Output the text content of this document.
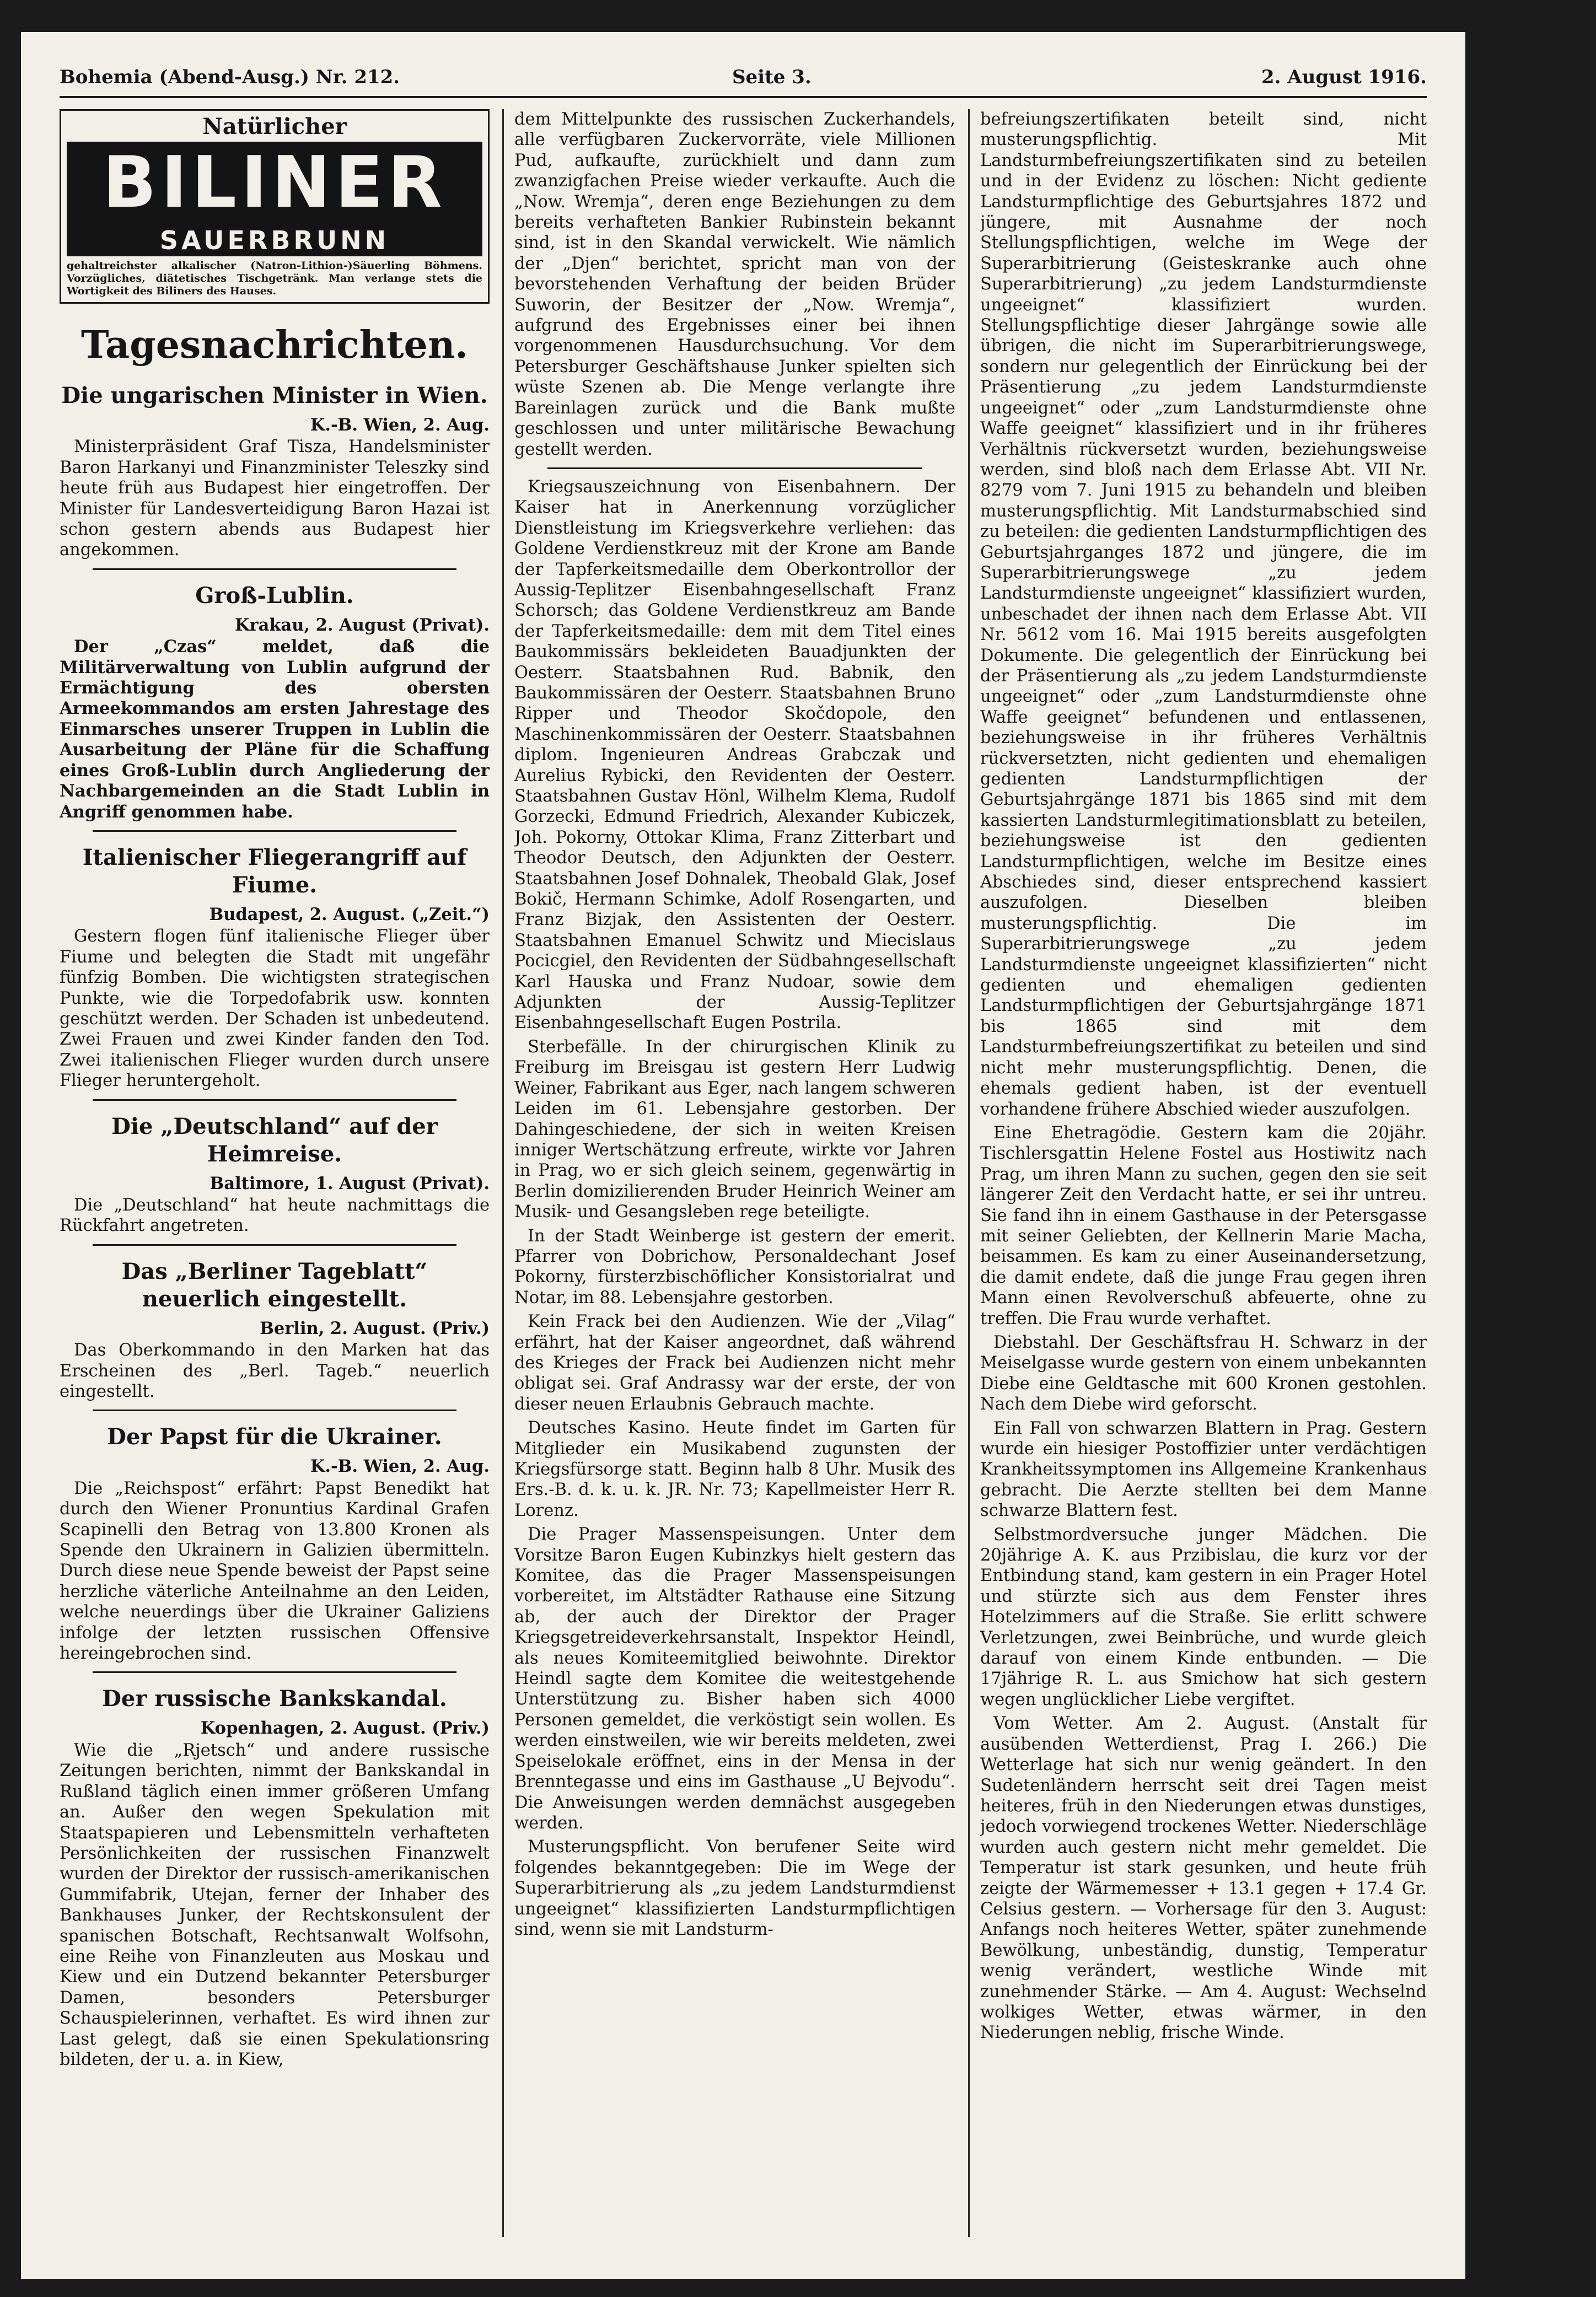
Bohemia (Abend-Ausg.) Nr. 212.	Seite 3.	2. August 1916.
Natürlicher
BILINER
SAUERBRUNN
gehaltreichster alkalischer (Natron-Lithion-)Säuerling Böhmens. Vorzügliches, diätetisches Tischgetränk. Man verlange stets die Wortigkeit des Biliners des Hauses.
Tagesnachrichten.
Die ungarischen Minister in Wien.
K.-B. Wien, 2. Aug.

Ministerpräsident Graf Tisza, Handelsminister Baron Harkanyi und Finanzminister Teleszky sind heute früh aus Budapest hier eingetroffen. Der Minister für Landesverteidigung Baron Hazai ist schon gestern abends aus Budapest hier angekommen.

Groß-Lublin.
Krakau, 2. August (Privat).

Der „Czas“ meldet, daß die Militärverwaltung von Lublin aufgrund der Ermächtigung des obersten Armeekommandos am ersten Jahrestage des Einmarsches unserer Truppen in Lublin die Ausarbeitung der Pläne für die Schaffung eines Groß-Lublin durch Angliederung der Nachbargemeinden an die Stadt Lublin in Angriff genommen habe.

Italienischer Fliegerangriff auf Fiume.
Budapest, 2. August. („Zeit.“)

Gestern flogen fünf italienische Flieger über Fiume und belegten die Stadt mit ungefähr fünfzig Bomben. Die wichtigsten strategischen Punkte, wie die Torpedofabrik usw. konnten geschützt werden. Der Schaden ist unbedeutend. Zwei Frauen und zwei Kinder fanden den Tod. Zwei italienischen Flieger wurden durch unsere Flieger heruntergeholt.

Die „Deutschland“ auf der Heimreise.
Baltimore, 1. August (Privat).

Die „Deutschland“ hat heute nachmittags die Rückfahrt angetreten.

Das „Berliner Tageblatt“ neuerlich eingestellt.
Berlin, 2. August. (Priv.)

Das Oberkommando in den Marken hat das Erscheinen des „Berl. Tageb.“ neuerlich eingestellt.

Der Papst für die Ukrainer.
K.-B. Wien, 2. Aug.

Die „Reichspost“ erfährt: Papst Benedikt hat durch den Wiener Pronuntius Kardinal Grafen Scapinelli den Betrag von 13.800 Kronen als Spende den Ukrainern in Galizien übermitteln. Durch diese neue Spende beweist der Papst seine herzliche väterliche Anteilnahme an den Leiden, welche neuerdings über die Ukrainer Galiziens infolge der letzten russischen Offensive hereingebrochen sind.

Der russische Bankskandal.
Kopenhagen, 2. August. (Priv.)

Wie die „Rjetsch“ und andere russische Zeitungen berichten, nimmt der Bankskandal in Rußland täglich einen immer größeren Umfang an. Außer den wegen Spekulation mit Staatspapieren und Lebensmitteln verhafteten Persönlichkeiten der russischen Finanzwelt wurden der Direktor der russisch-amerikanischen Gummifabrik, Utejan, ferner der Inhaber des Bankhauses Junker, der Rechtskonsulent der spanischen Botschaft, Rechtsanwalt Wolfsohn, eine Reihe von Finanzleuten aus Moskau und Kiew und ein Dutzend bekannter Petersburger Damen, besonders Petersburger Schauspielerinnen, verhaftet. Es wird ihnen zur Last gelegt, daß sie einen Spekulationsring bildeten, der u. a. in Kiew,

dem Mittelpunkte des russischen Zuckerhandels, alle verfügbaren Zuckervorräte, viele Millionen Pud, aufkaufte, zurückhielt und dann zum zwanzigfachen Preise wieder verkaufte. Auch die „Now. Wremja“, deren enge Beziehungen zu dem bereits verhafteten Bankier Rubinstein bekannt sind, ist in den Skandal verwickelt. Wie nämlich der „Djen“ berichtet, spricht man von der bevorstehenden Verhaftung der beiden Brüder Suworin, der Besitzer der „Now. Wremja“, aufgrund des Ergebnisses einer bei ihnen vorgenommenen Hausdurchsuchung. Vor dem Petersburger Geschäftshause Junker spielten sich wüste Szenen ab. Die Menge verlangte ihre Bareinlagen zurück und die Bank mußte geschlossen und unter militärische Bewachung gestellt werden.

Kriegsauszeichnung von Eisenbahnern. Der Kaiser hat in Anerkennung vorzüglicher Dienstleistung im Kriegsverkehre verliehen: das Goldene Verdienstkreuz mit der Krone am Bande der Tapferkeitsmedaille dem Oberkontrollor der Aussig-Teplitzer Eisenbahngesellschaft Franz Schorsch; das Goldene Verdienstkreuz am Bande der Tapferkeitsmedaille: dem mit dem Titel eines Baukommissärs bekleideten Bauadjunkten der Oesterr. Staatsbahnen Rud. Babnik, den Baukommissären der Oesterr. Staatsbahnen Bruno Ripper und Theodor Skočdopole, den Maschinenkommissären der Oesterr. Staatsbahnen diplom. Ingenieuren Andreas Grabczak und Aurelius Rybicki, den Revidenten der Oesterr. Staatsbahnen Gustav Hönl, Wilhelm Klema, Rudolf Gorzecki, Edmund Friedrich, Alexander Kubiczek, Joh. Pokorny, Ottokar Klima, Franz Zitterbart und Theodor Deutsch, den Adjunkten der Oesterr. Staatsbahnen Josef Dohnalek, Theobald Glak, Josef Bokič, Hermann Schimke, Adolf Rosengarten, und Franz Bizjak, den Assistenten der Oesterr. Staatsbahnen Emanuel Schwitz und Miecislaus Pocicgiel, den Revidenten der Südbahngesellschaft Karl Hauska und Franz Nudoar, sowie dem Adjunkten der Aussig-Teplitzer Eisenbahngesellschaft Eugen Postrila.

Sterbefälle. In der chirurgischen Klinik zu Freiburg im Breisgau ist gestern Herr Ludwig Weiner, Fabrikant aus Eger, nach langem schweren Leiden im 61. Lebensjahre gestorben. Der Dahingeschiedene, der sich in weiten Kreisen inniger Wertschätzung erfreute, wirkte vor Jahren in Prag, wo er sich gleich seinem, gegenwärtig in Berlin domizilierenden Bruder Heinrich Weiner am Musik- und Gesangsleben rege beteiligte.

In der Stadt Weinberge ist gestern der emerit. Pfarrer von Dobrichow, Personaldechant Josef Pokorny, fürsterzbischöflicher Konsistorialrat und Notar, im 88. Lebensjahre gestorben.

Kein Frack bei den Audienzen. Wie der „Vilag“ erfährt, hat der Kaiser angeordnet, daß während des Krieges der Frack bei Audienzen nicht mehr obligat sei. Graf Andrassy war der erste, der von dieser neuen Erlaubnis Gebrauch machte.

Deutsches Kasino. Heute findet im Garten für Mitglieder ein Musikabend zugunsten der Kriegsfürsorge statt. Beginn halb 8 Uhr. Musik des Ers.-B. d. k. u. k. JR. Nr. 73; Kapellmeister Herr R. Lorenz.

Die Prager Massenspeisungen. Unter dem Vorsitze Baron Eugen Kubinzkys hielt gestern das Komitee, das die Prager Massenspeisungen vorbereitet, im Altstädter Rathause eine Sitzung ab, der auch der Direktor der Prager Kriegsgetreideverkehrsanstalt, Inspektor Heindl, als neues Komiteemitglied beiwohnte. Direktor Heindl sagte dem Komitee die weitestgehende Unterstützung zu. Bisher haben sich 4000 Personen gemeldet, die verköstigt sein wollen. Es werden einstweilen, wie wir bereits meldeten, zwei Speiselokale eröffnet, eins in der Mensa in der Brenntegasse und eins im Gasthause „U Bejvodu“. Die Anweisungen werden demnächst ausgegeben werden.

Musterungspflicht. Von berufener Seite wird folgendes bekanntgegeben: Die im Wege der Superarbitrierung als „zu jedem Landsturmdienst ungeeignet“ klassifizierten Landsturmpflichtigen sind, wenn sie mit Landsturm-

befreiungszertifikaten beteilt sind, nicht musterungspflichtig. Mit Landsturmbefreiungszertifikaten sind zu beteilen und in der Evidenz zu löschen: Nicht gediente Landsturmpflichtige des Geburtsjahres 1872 und jüngere, mit Ausnahme der noch Stellungspflichtigen, welche im Wege der Superarbitrierung (Geisteskranke auch ohne Superarbitrierung) „zu jedem Landsturmdienste ungeeignet“ klassifiziert wurden. Stellungspflichtige dieser Jahrgänge sowie alle übrigen, die nicht im Superarbitrierungswege, sondern nur gelegentlich der Einrückung bei der Präsentierung „zu jedem Landsturmdienste ungeeignet“ oder „zum Landsturmdienste ohne Waffe geeignet“ klassifiziert und in ihr früheres Verhältnis rückversetzt wurden, beziehungsweise werden, sind bloß nach dem Erlasse Abt. VII Nr. 8279 vom 7. Juni 1915 zu behandeln und bleiben musterungspflichtig. Mit Landsturmabschied sind zu beteilen: die gedienten Landsturmpflichtigen des Geburtsjahrganges 1872 und jüngere, die im Superarbitrierungswege „zu jedem Landsturmdienste ungeeignet“ klassifiziert wurden, unbeschadet der ihnen nach dem Erlasse Abt. VII Nr. 5612 vom 16. Mai 1915 bereits ausgefolgten Dokumente. Die gelegentlich der Einrückung bei der Präsentierung als „zu jedem Landsturmdienste ungeeignet“ oder „zum Landsturmdienste ohne Waffe geeignet“ befundenen und entlassenen, beziehungsweise in ihr früheres Verhältnis rückversetzten, nicht gedienten und ehemaligen gedienten Landsturmpflichtigen der Geburtsjahrgänge 1871 bis 1865 sind mit dem kassierten Landsturmlegitimationsblatt zu beteilen, beziehungsweise ist den gedienten Landsturmpflichtigen, welche im Besitze eines Abschiedes sind, dieser entsprechend kassiert auszufolgen. Dieselben bleiben musterungspflichtig. Die im Superarbitrierungswege „zu jedem Landsturmdienste ungeeignet klassifizierten“ nicht gedienten und ehemaligen gedienten Landsturmpflichtigen der Geburtsjahrgänge 1871 bis 1865 sind mit dem Landsturmbefreiungszertifikat zu beteilen und sind nicht mehr musterungspflichtig. Denen, die ehemals gedient haben, ist der eventuell vorhandene frühere Abschied wieder auszufolgen.

Eine Ehetragödie. Gestern kam die 20jähr. Tischlersgattin Helene Fostel aus Hostiwitz nach Prag, um ihren Mann zu suchen, gegen den sie seit längerer Zeit den Verdacht hatte, er sei ihr untreu. Sie fand ihn in einem Gasthause in der Petersgasse mit seiner Geliebten, der Kellnerin Marie Macha, beisammen. Es kam zu einer Auseinandersetzung, die damit endete, daß die junge Frau gegen ihren Mann einen Revolverschuß abfeuerte, ohne zu treffen. Die Frau wurde verhaftet.

Diebstahl. Der Geschäftsfrau H. Schwarz in der Meiselgasse wurde gestern von einem unbekannten Diebe eine Geldtasche mit 600 Kronen gestohlen. Nach dem Diebe wird geforscht.

Ein Fall von schwarzen Blattern in Prag. Gestern wurde ein hiesiger Postoffizier unter verdächtigen Krankheitssymptomen ins Allgemeine Krankenhaus gebracht. Die Aerzte stellten bei dem Manne schwarze Blattern fest.

Selbstmordversuche junger Mädchen. Die 20jährige A. K. aus Przibislau, die kurz vor der Entbindung stand, kam gestern in ein Prager Hotel und stürzte sich aus dem Fenster ihres Hotelzimmers auf die Straße. Sie erlitt schwere Verletzungen, zwei Beinbrüche, und wurde gleich darauf von einem Kinde entbunden. — Die 17jährige R. L. aus Smichow hat sich gestern wegen unglücklicher Liebe vergiftet.

Vom Wetter. Am 2. August. (Anstalt für ausübenden Wetterdienst, Prag I. 266.) Die Wetterlage hat sich nur wenig geändert. In den Sudetenländern herrscht seit drei Tagen meist heiteres, früh in den Niederungen etwas dunstiges, jedoch vorwiegend trockenes Wetter. Niederschläge wurden auch gestern nicht mehr gemeldet. Die Temperatur ist stark gesunken, und heute früh zeigte der Wärmemesser + 13.1 gegen + 17.4 Gr. Celsius gestern. — Vorhersage für den 3. August: Anfangs noch heiteres Wetter, später zunehmende Bewölkung, unbeständig, dunstig, Temperatur wenig verändert, westliche Winde mit zunehmender Stärke. — Am 4. August: Wechselnd wolkiges Wetter, etwas wärmer, in den Niederungen neblig, frische Winde.
